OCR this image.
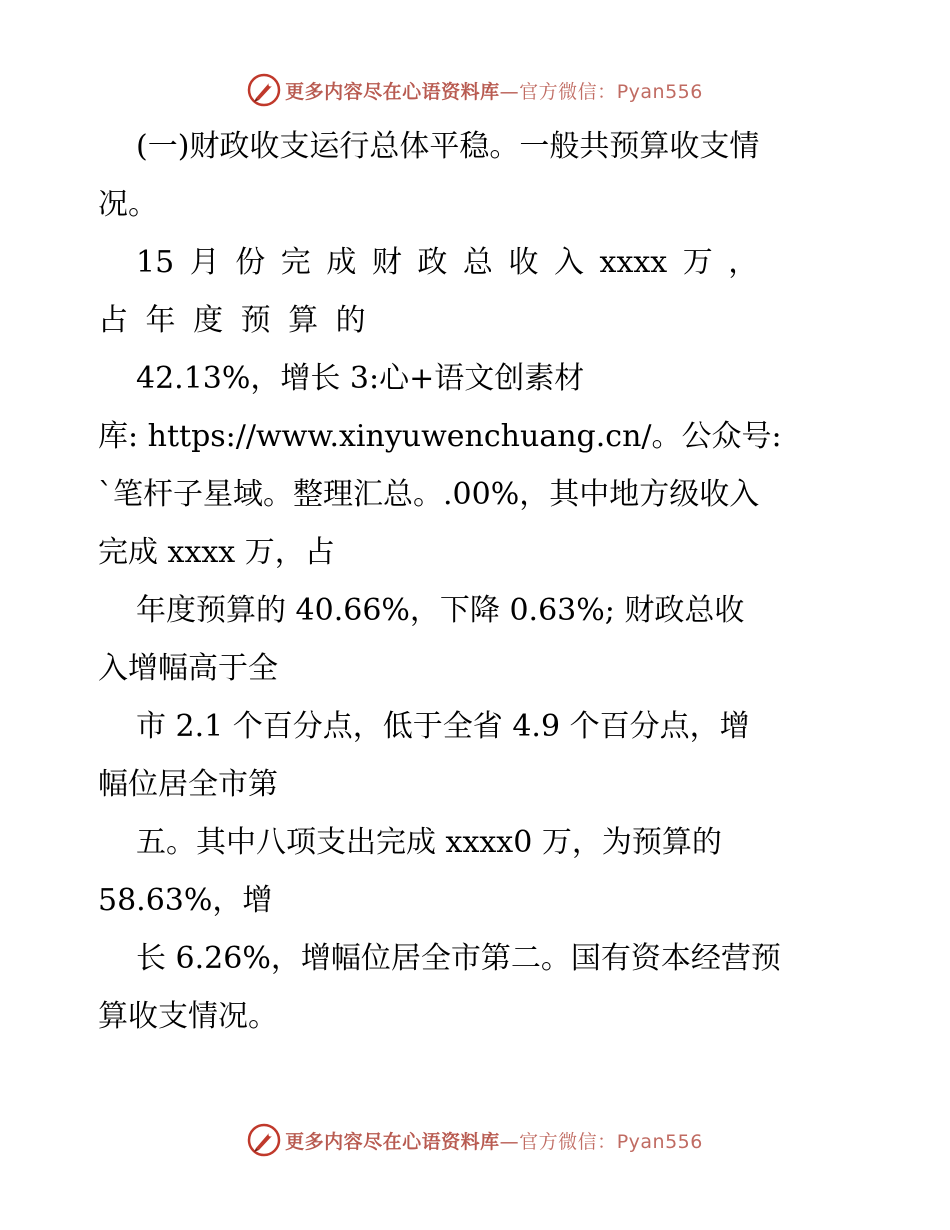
更多内容尽在心语资料库—官方微信：Pyan556
(一)财政收支运行总体平稳。一般共预算收支情
况。
15 月 份 完 成 财 政 总 收 入 xxxx 万 ，
占 年 度 预 算 的
42.13%，增长 3:心+语文创素材
库: https://www.xinyuwenchuang.cn/。公众号:
`笔杆子星域。整理汇总。.00%，其中地方级收入
完成 xxxx 万，占
年度预算的 40.66%，下降 0.63%; 财政总收
入增幅高于全
市 2.1 个百分点，低于全省 4.9 个百分点，增
幅位居全市第
五。其中八项支出完成 xxxx0 万，为预算的
58.63%，增
长 6.26%，增幅位居全市第二。国有资本经营预
算收支情况。
更多内容尽在心语资料库—官方微信：Pyan556
